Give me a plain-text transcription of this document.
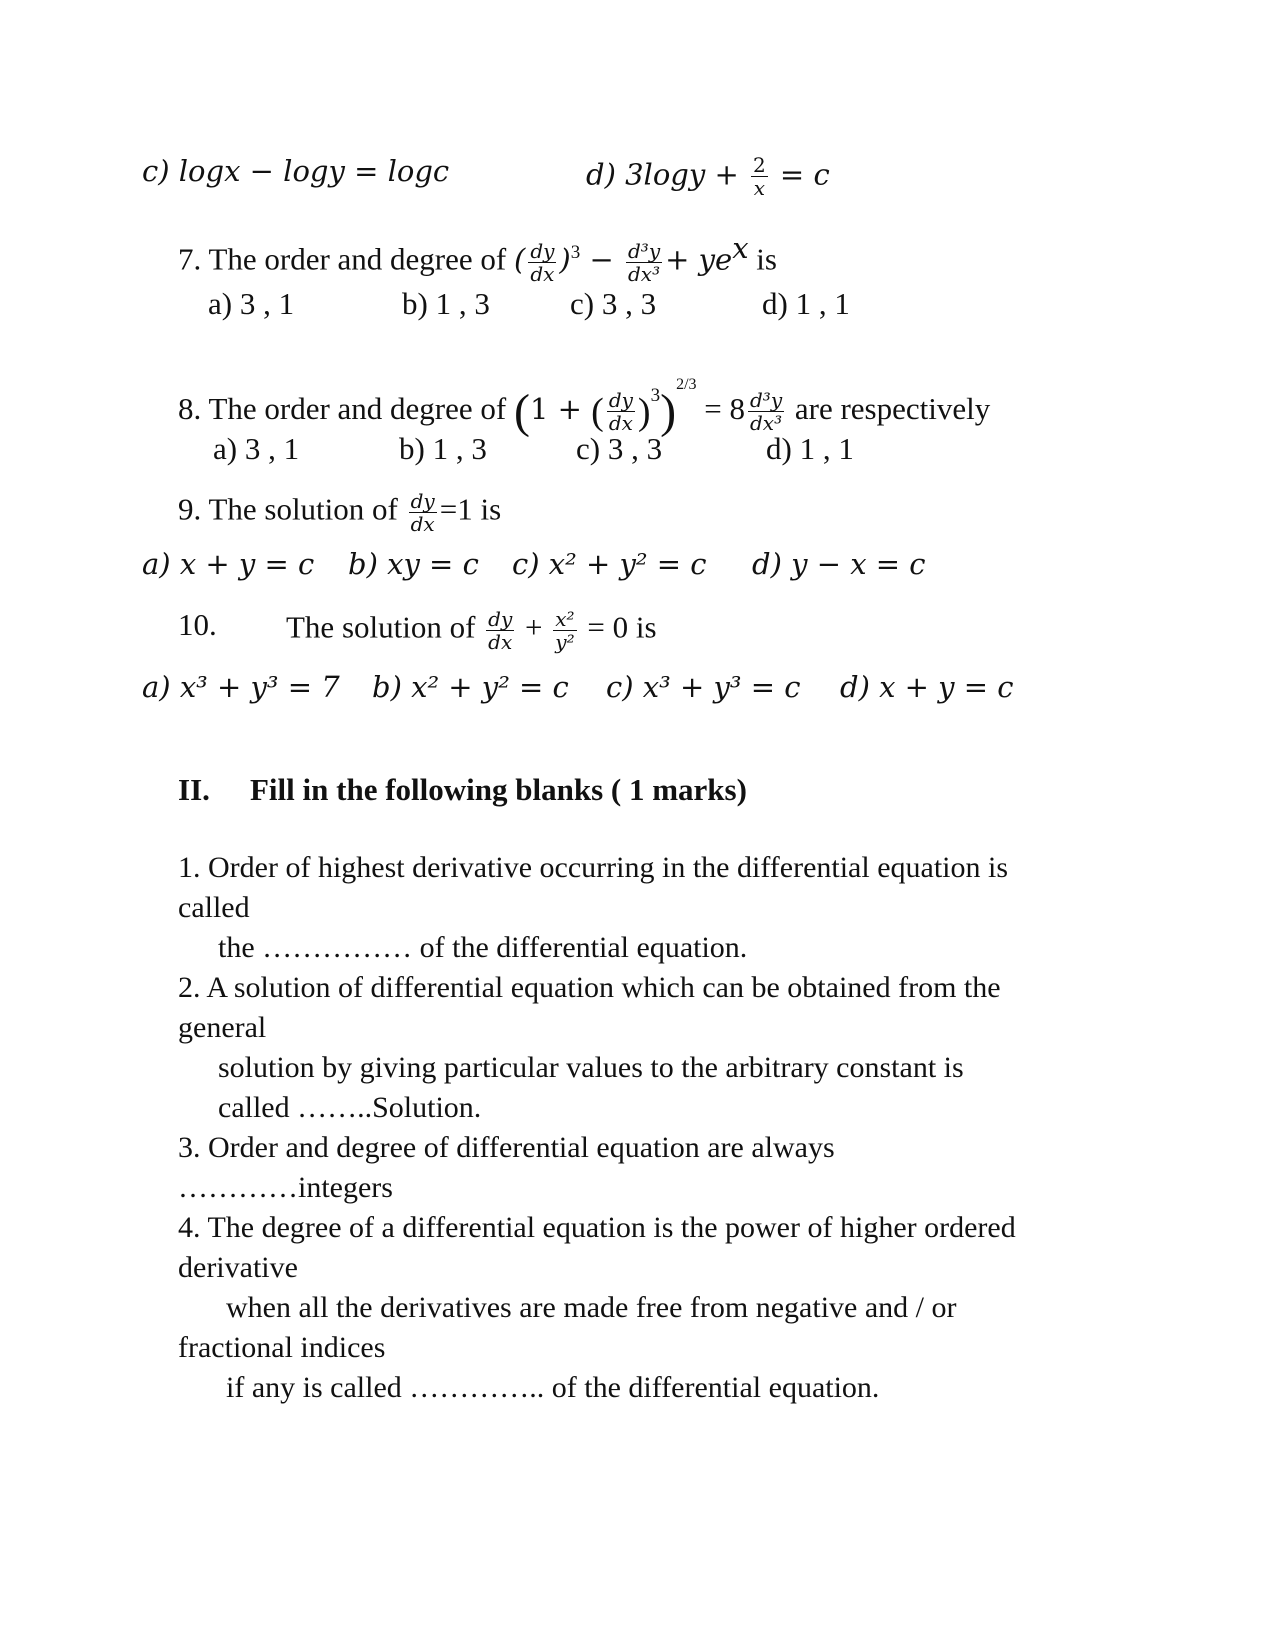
c) logx − logy = logc	d) $3\log y + \frac{2}{x} = c$
7. The order and degree of ( $\frac{dy}{dx} )^3 - \frac{\text{d³y}}{\text{dx³}} + ye^x$ is
a) 3 , 1	b) 1 , 3	c) 3 , 3	d) 1 , 1
8. The order and degree of (1 + ( $\frac{dy}{dx} )^3)^{2/3} = 8 \frac{\text{d³y}}{\text{dx³}}$ are respectively
a) 3 , 1	b) 1 , 3	c) 3 , 3	d) 1 , 1
9. The solution of $\frac{dy}{dx} =1$ is
a) x + y = c b) xy = c c) x² + y² = c d) y − x = c
10. The solution of $\frac{dy}{dx} + \frac{\text{x²}}{\text{y²}} = 0$ is
a) x³ + y³ = 7 b) x² + y² = c c) x³ + y³ = c d) x + y = c
II. Fill in the following blanks ( 1 marks)
1. Order of highest derivative occurring in the differential equation is
called
the …………… of the differential equation.
2. A solution of differential equation which can be obtained from the
general
solution by giving particular values to the arbitrary constant is
called ……..Solution.
3. Order and degree of differential equation are always
…………integers
4. The degree of a differential equation is the power of higher ordered
derivative
when all the derivatives are made free from negative and / or
fractional indices
if any is called ………….. of the differential equation.
